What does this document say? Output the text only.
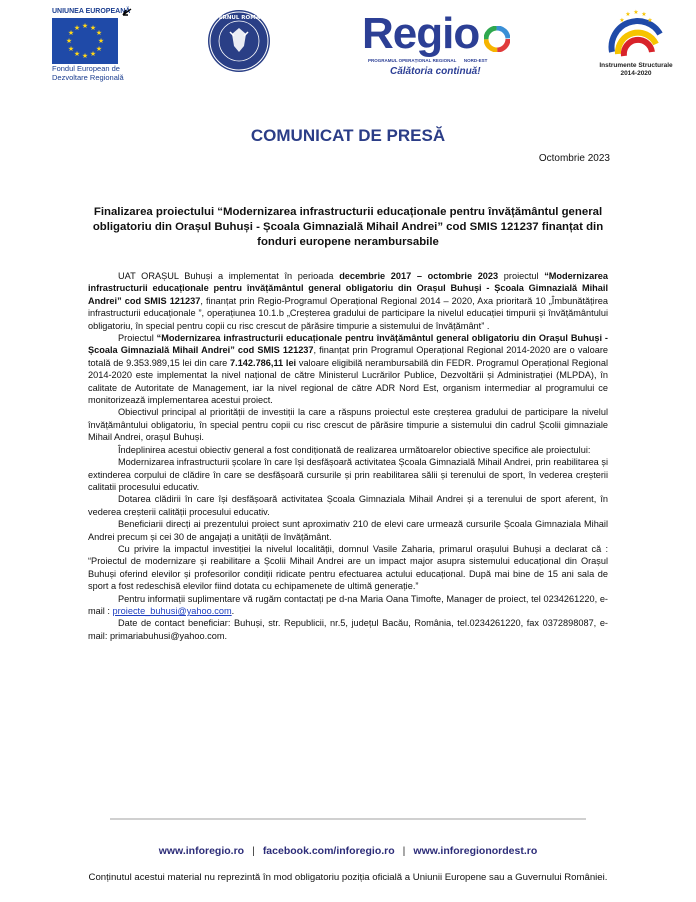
UNIUNEA EUROPEANĂ
★ ★
★
★
★
★
★
★
★
★
★
★
Fondul European de Dezvoltare Regională
GUVERNUL ROMÂNIEI Regio
PROGRAMUL OPERAȚIONAL REGIONAL NORD-EST
Călătoria continuă!
★ ★
★
★
★
Instrumente Structurale 2014-2020
COMUNICAT DE PRESĂ
Octombrie 2023
Finalizarea proiectului “Modernizarea infrastructurii educaționale pentru învățământul general obligatoriu din Orașul Buhuși - Școala Gimnazială Mihail Andrei” cod SMIS 121237 finanțat din fonduri europene nerambursabile

UAT ORAȘUL Buhuși a implementat în perioada decembrie 2017 – octombrie 2023 proiectul “Modernizarea infrastructurii educaționale pentru învățământul general obligatoriu din Orașul Buhuși - Școala Gimnazială Mihail Andrei” cod SMIS 121237, finanțat prin Regio-Programul Operațional Regional 2014 – 2020, Axa prioritară 10 „Îmbunătățirea infrastructurii educaționale ”, operațiunea 10.1.b „Creșterea gradului de participare la nivelul educației timpurii și învățământului obligatoriu, în special pentru copii cu risc crescut de părăsire timpurie a sistemului de învățământ” .

Proiectul “Modernizarea infrastructurii educaționale pentru învățământul general obligatoriu din Orașul Buhuși - Școala Gimnazială Mihail Andrei” cod SMIS 121237, finanțat prin Programul Operațional Regional 2014-2020 are o valoare totală de 9.353.989,15 lei din care 7.142.786,11 lei valoare eligibilă nerambursabilă din FEDR. Programul Operațional Regional 2014-2020 este implementat la nivel național de către Ministerul Lucrărilor Publice, Dezvoltării și Administrației (MLPDA), în calitate de Autoritate de Management, iar la nivel regional de către ADR Nord Est, organism intermediar al programului ce monitorizează implementarea acestui proiect.

Obiectivul principal al priorității de investiții la care a răspuns proiectul este creșterea gradului de participare la nivelul învățământului obligatoriu, în special pentru copii cu risc crescut de părăsire timpurie a sistemului din cadrul Școlii gimnaziale Mihail Andrei, orașul Buhuși.

Îndeplinirea acestui obiectiv general a fost condiționată de realizarea următoarelor obiective specifice ale proiectului:

Modernizarea infrastructurii școlare în care își desfășoară activitatea Școala Gimnazială Mihail Andrei, prin reabilitarea și extinderea corpului de clădire în care se desfășoară cursurile și prin reabilitarea sălii și terenului de sport, în vederea creșterii calitatii procesului educativ.

Dotarea clădirii în care își desfășoară activitatea Școala Gimnaziala Mihail Andrei și a terenului de sport aferent, în vederea creșterii calității procesului educativ.

Beneficiarii direcți ai prezentului proiect sunt aproximativ 210 de elevi care urmează cursurile Școala Gimnaziala Mihail Andrei precum și cei 30 de angajați a unității de învățământ.

Cu privire la impactul investiției la nivelul localității, domnul Vasile Zaharia, primarul orașului Buhuși a declarat că : “Proiectul de modernizare și reabilitare a Școlii Mihail Andrei are un impact major asupra sistemului educațional din Orașul Buhuși oferind elevilor și profesorilor condiții ridicate pentru efectuarea actului educațional. După mai bine de 15 ani sala de sport a fost redeschisă elevilor fiind dotata cu echipamenete de ultimă generație.”

Pentru informații suplimentare vă rugăm contactați pe d-na Maria Oana Timofte, Manager de proiect, tel 0234261220, e-mail : proiecte_buhusi@yahoo.com.

Date de contact beneficiar: Buhuși, str. Republicii, nr.5, județul Bacău, România, tel.0234261220, fax 0372898087, e-mail: primariabuhusi@yahoo.com.

www.inforegio.ro | facebook.com/inforegio.ro | www.inforegionordest.ro
Conținutul acestui material nu reprezintă în mod obligatoriu poziția oficială a Uniunii Europene sau a Guvernului României.
